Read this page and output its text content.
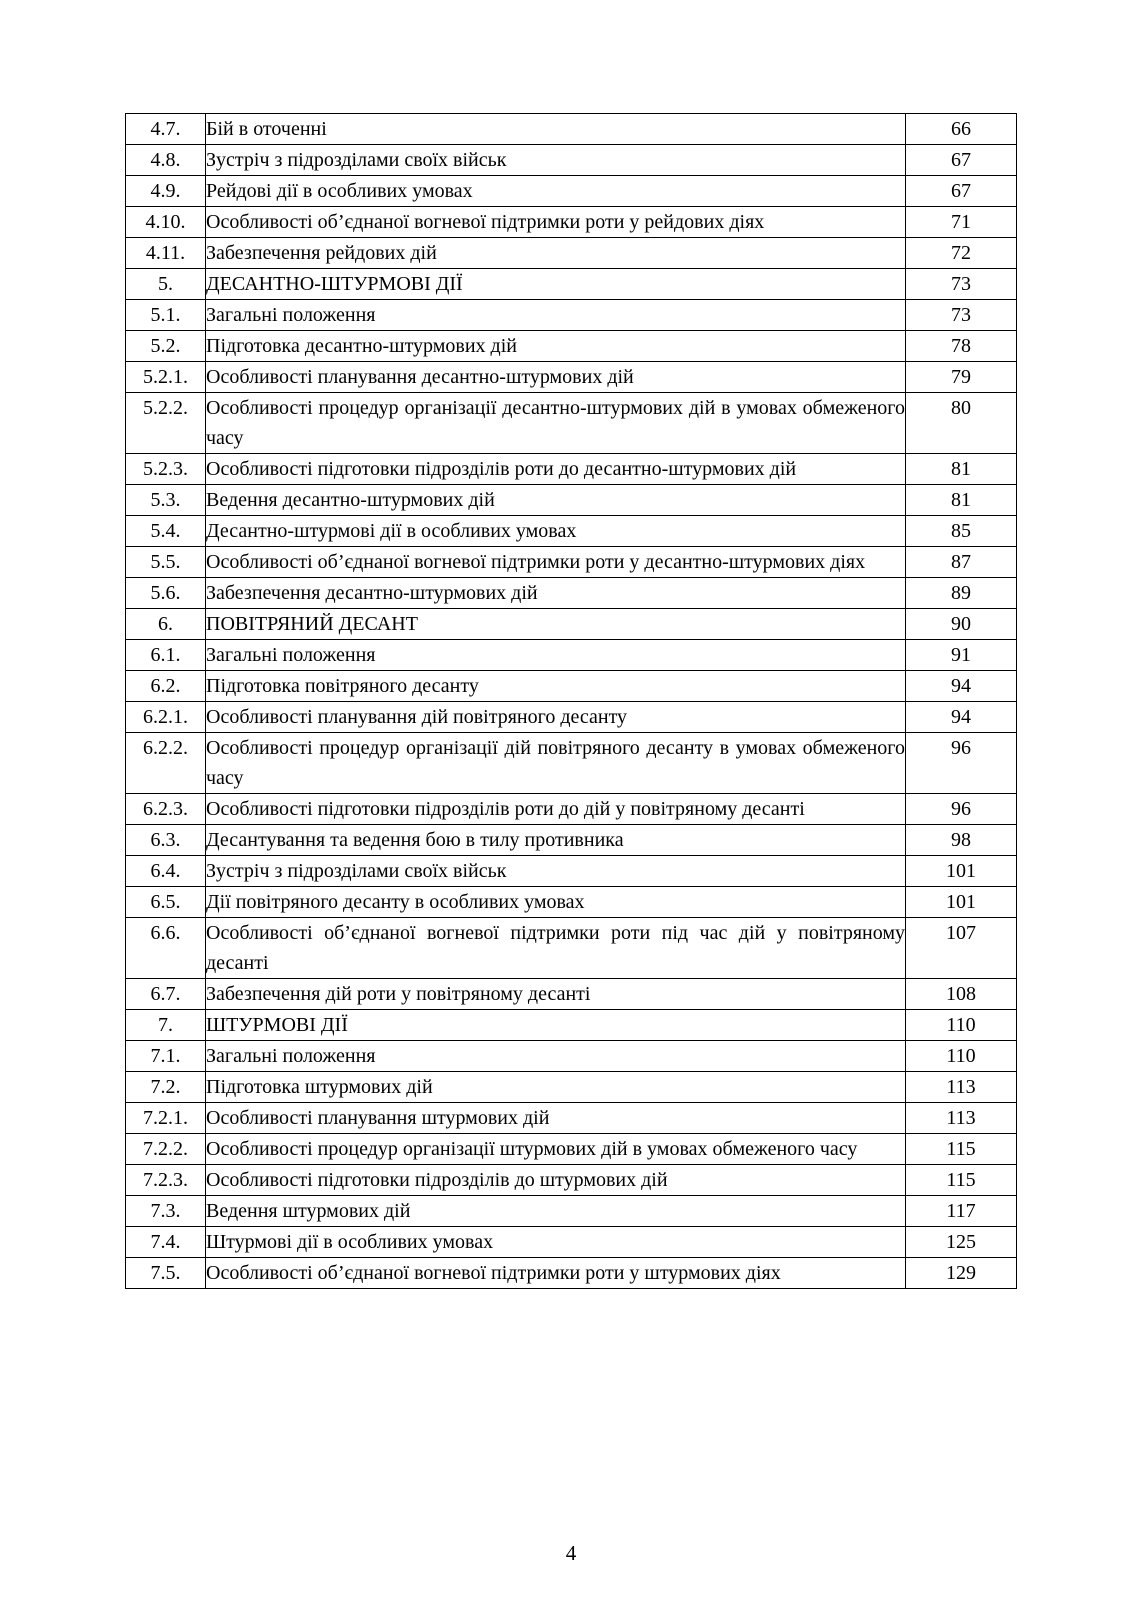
4.7.	Бій в оточенні	66
4.8.	Зустріч з підрозділами своїх військ	67
4.9.	Рейдові дії в особливих умовах	67
4.10.	Особливості об’єднаної вогневої підтримки роти у рейдових діях	71
4.11.	Забезпечення рейдових дій	72
5.	ДЕСАНТНО-ШТУРМОВІ ДІЇ	73
5.1.	Загальні положення	73
5.2.	Підготовка десантно-штурмових дій	78
5.2.1.	Особливості планування десантно-штурмових дій	79
5.2.2.	Особливості процедур організації десантно-штурмових дій в умовах обмеженого часу	80
5.2.3.	Особливості підготовки підрозділів роти до десантно-штурмових дій	81
5.3.	Ведення десантно-штурмових дій	81
5.4.	Десантно-штурмові дії в особливих умовах	85
5.5.	Особливості об’єднаної вогневої підтримки роти у десантно-штурмових діях	87
5.6.	Забезпечення десантно-штурмових дій	89
6.	ПОВІТРЯНИЙ ДЕСАНТ	90
6.1.	Загальні положення	91
6.2.	Підготовка повітряного десанту	94
6.2.1.	Особливості планування дій повітряного десанту	94
6.2.2.	Особливості процедур організації дій повітряного десанту в умовах обмеженого часу	96
6.2.3.	Особливості підготовки підрозділів роти до дій у повітряному десанті	96
6.3.	Десантування та ведення бою в тилу противника	98
6.4.	Зустріч з підрозділами своїх військ	101
6.5.	Дії повітряного десанту в особливих умовах	101
6.6.	Особливості об’єднаної вогневої підтримки роти під час дій у повітряному десанті	107
6.7.	Забезпечення дій роти у повітряному десанті	108
7.	ШТУРМОВІ ДІЇ	110
7.1.	Загальні положення	110
7.2.	Підготовка штурмових дій	113
7.2.1.	Особливості планування штурмових дій	113
7.2.2.	Особливості процедур організації штурмових дій в умовах обмеженого часу	115
7.2.3.	Особливості підготовки підрозділів до штурмових дій	115
7.3.	Ведення штурмових дій	117
7.4.	Штурмові дії в особливих умовах	125
7.5.	Особливості об’єднаної вогневої підтримки роти у штурмових діях	129
4
